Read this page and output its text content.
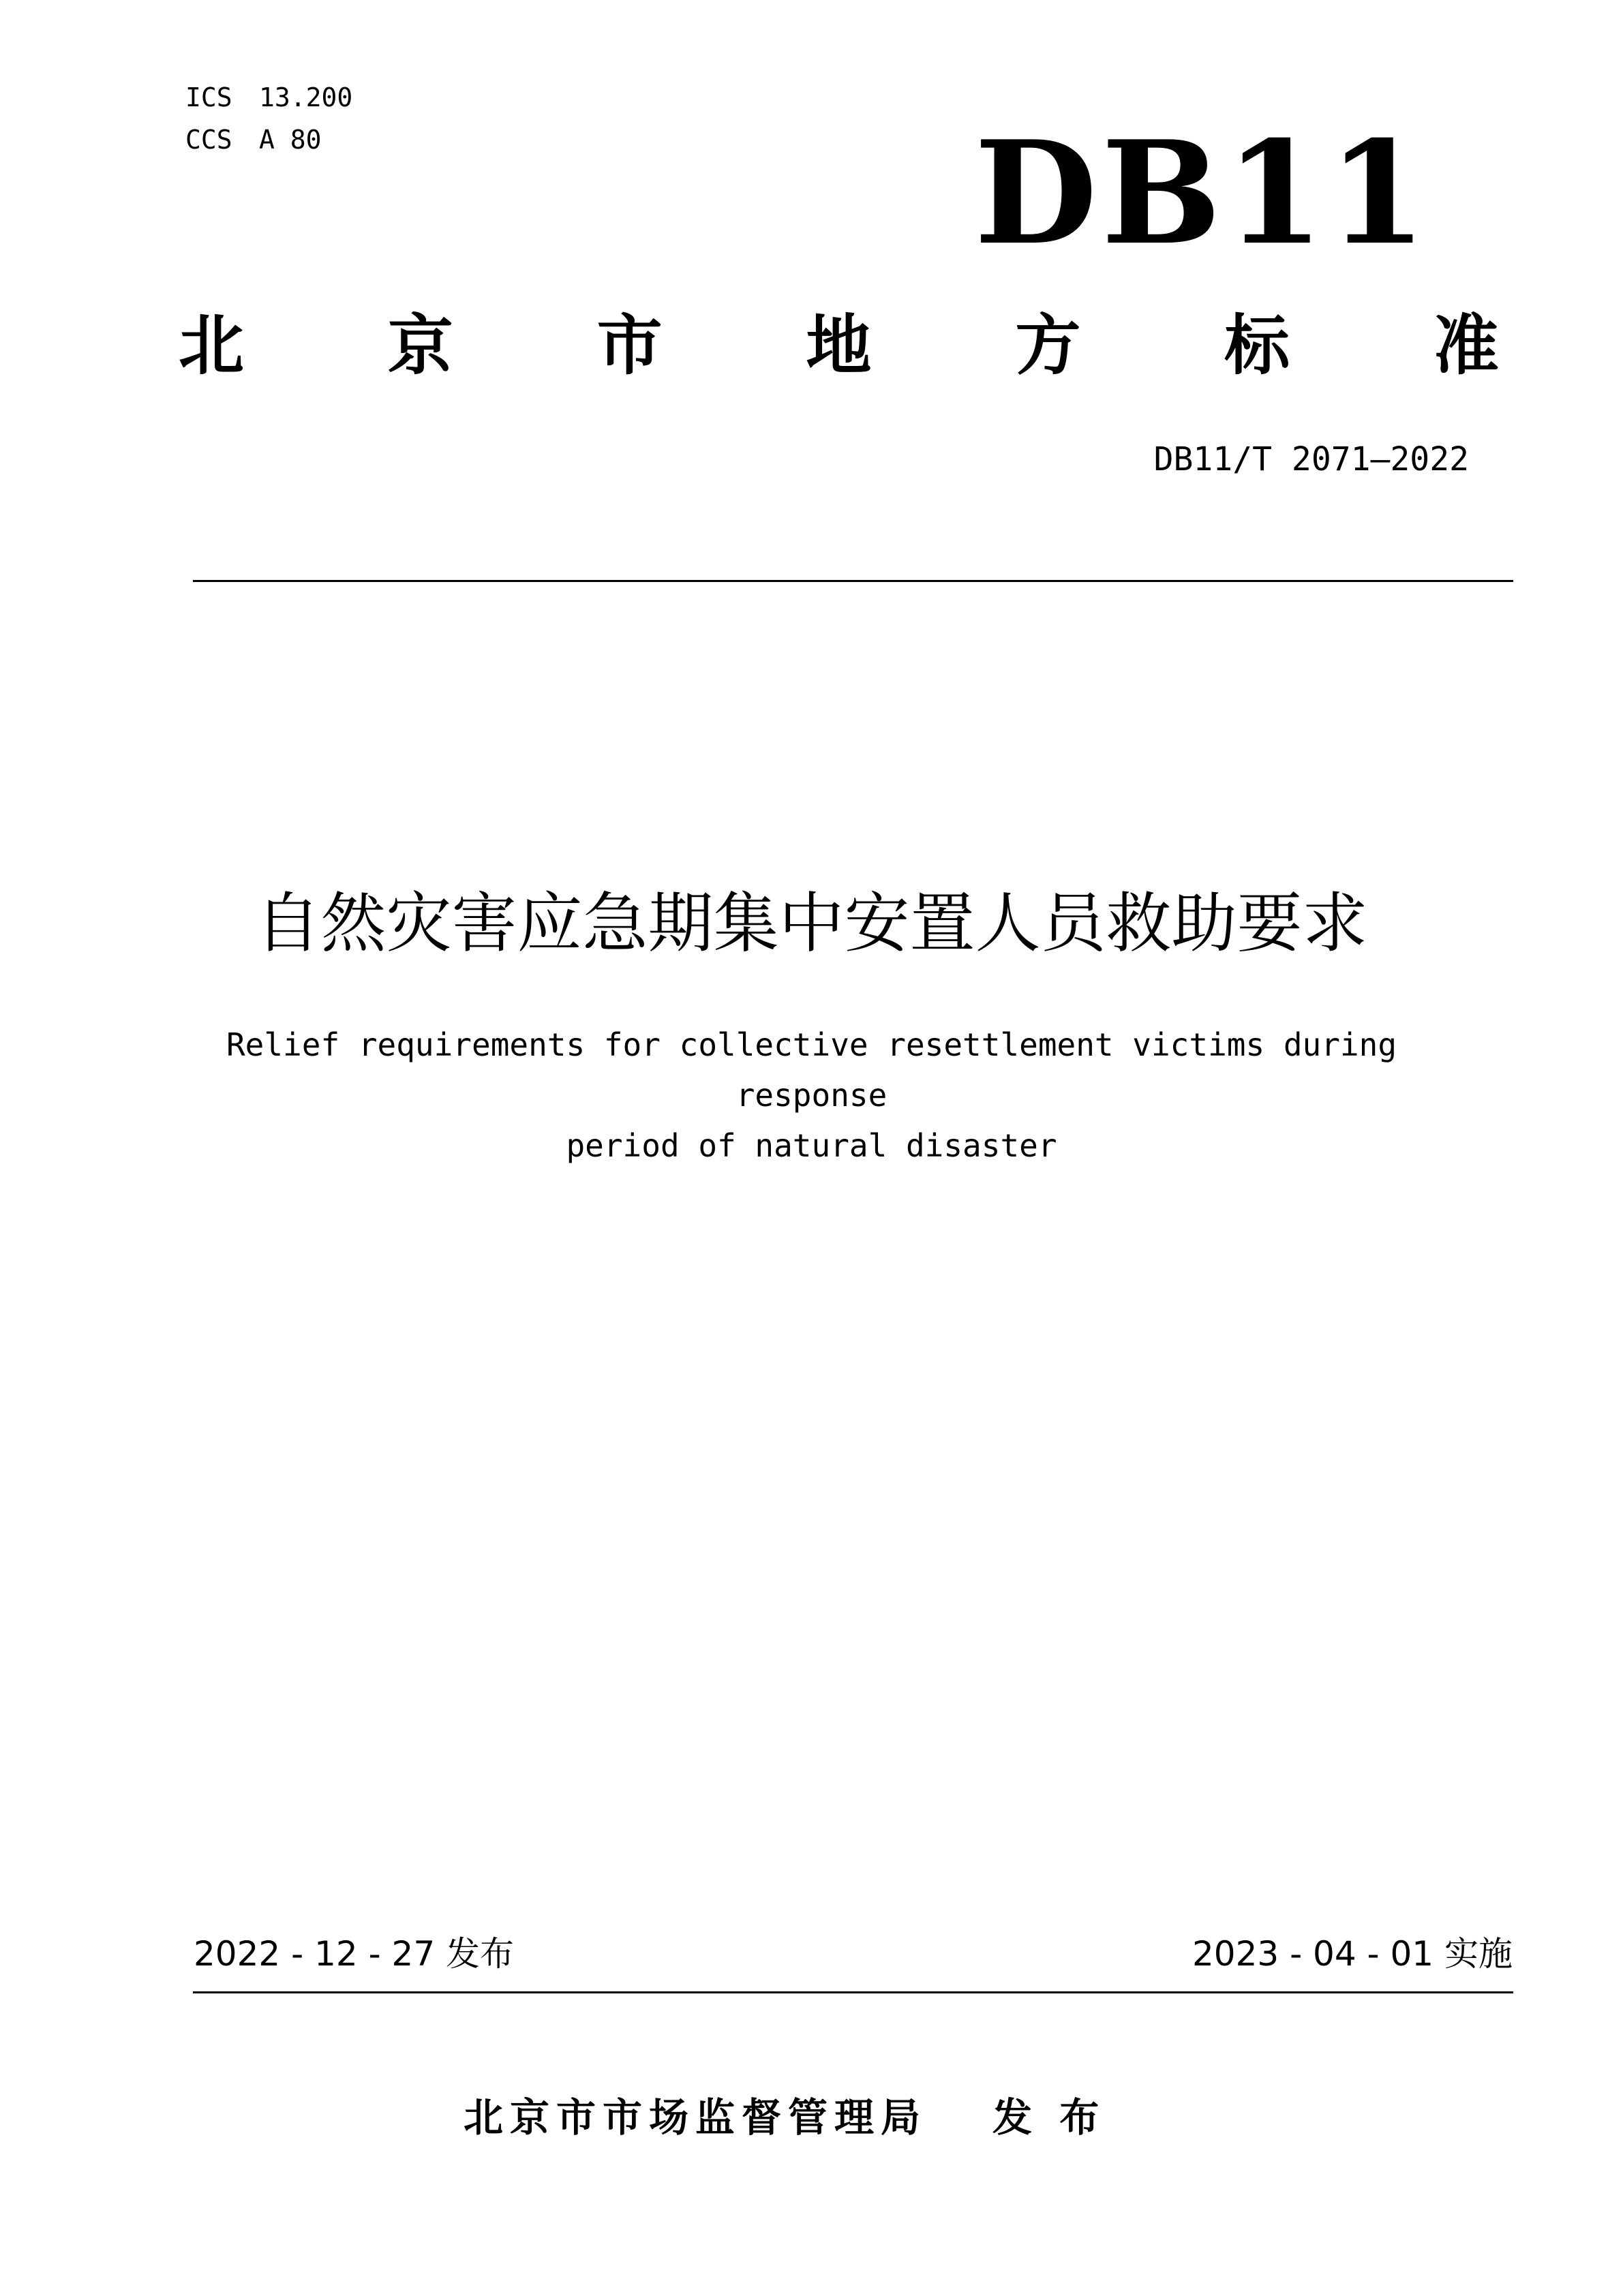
ICS 13.200
CCS A 80	DB11
北 京 市 地 方 标 准
DB11/T 2071—2022
自然灾害应急期集中安置人员救助要求
Relief requirements for collective resettlement victims during response
period of natural disaster
2022 - 12 - 27 发布	2023 - 04 - 01 实施
北京市市场监督管理局 发 布
